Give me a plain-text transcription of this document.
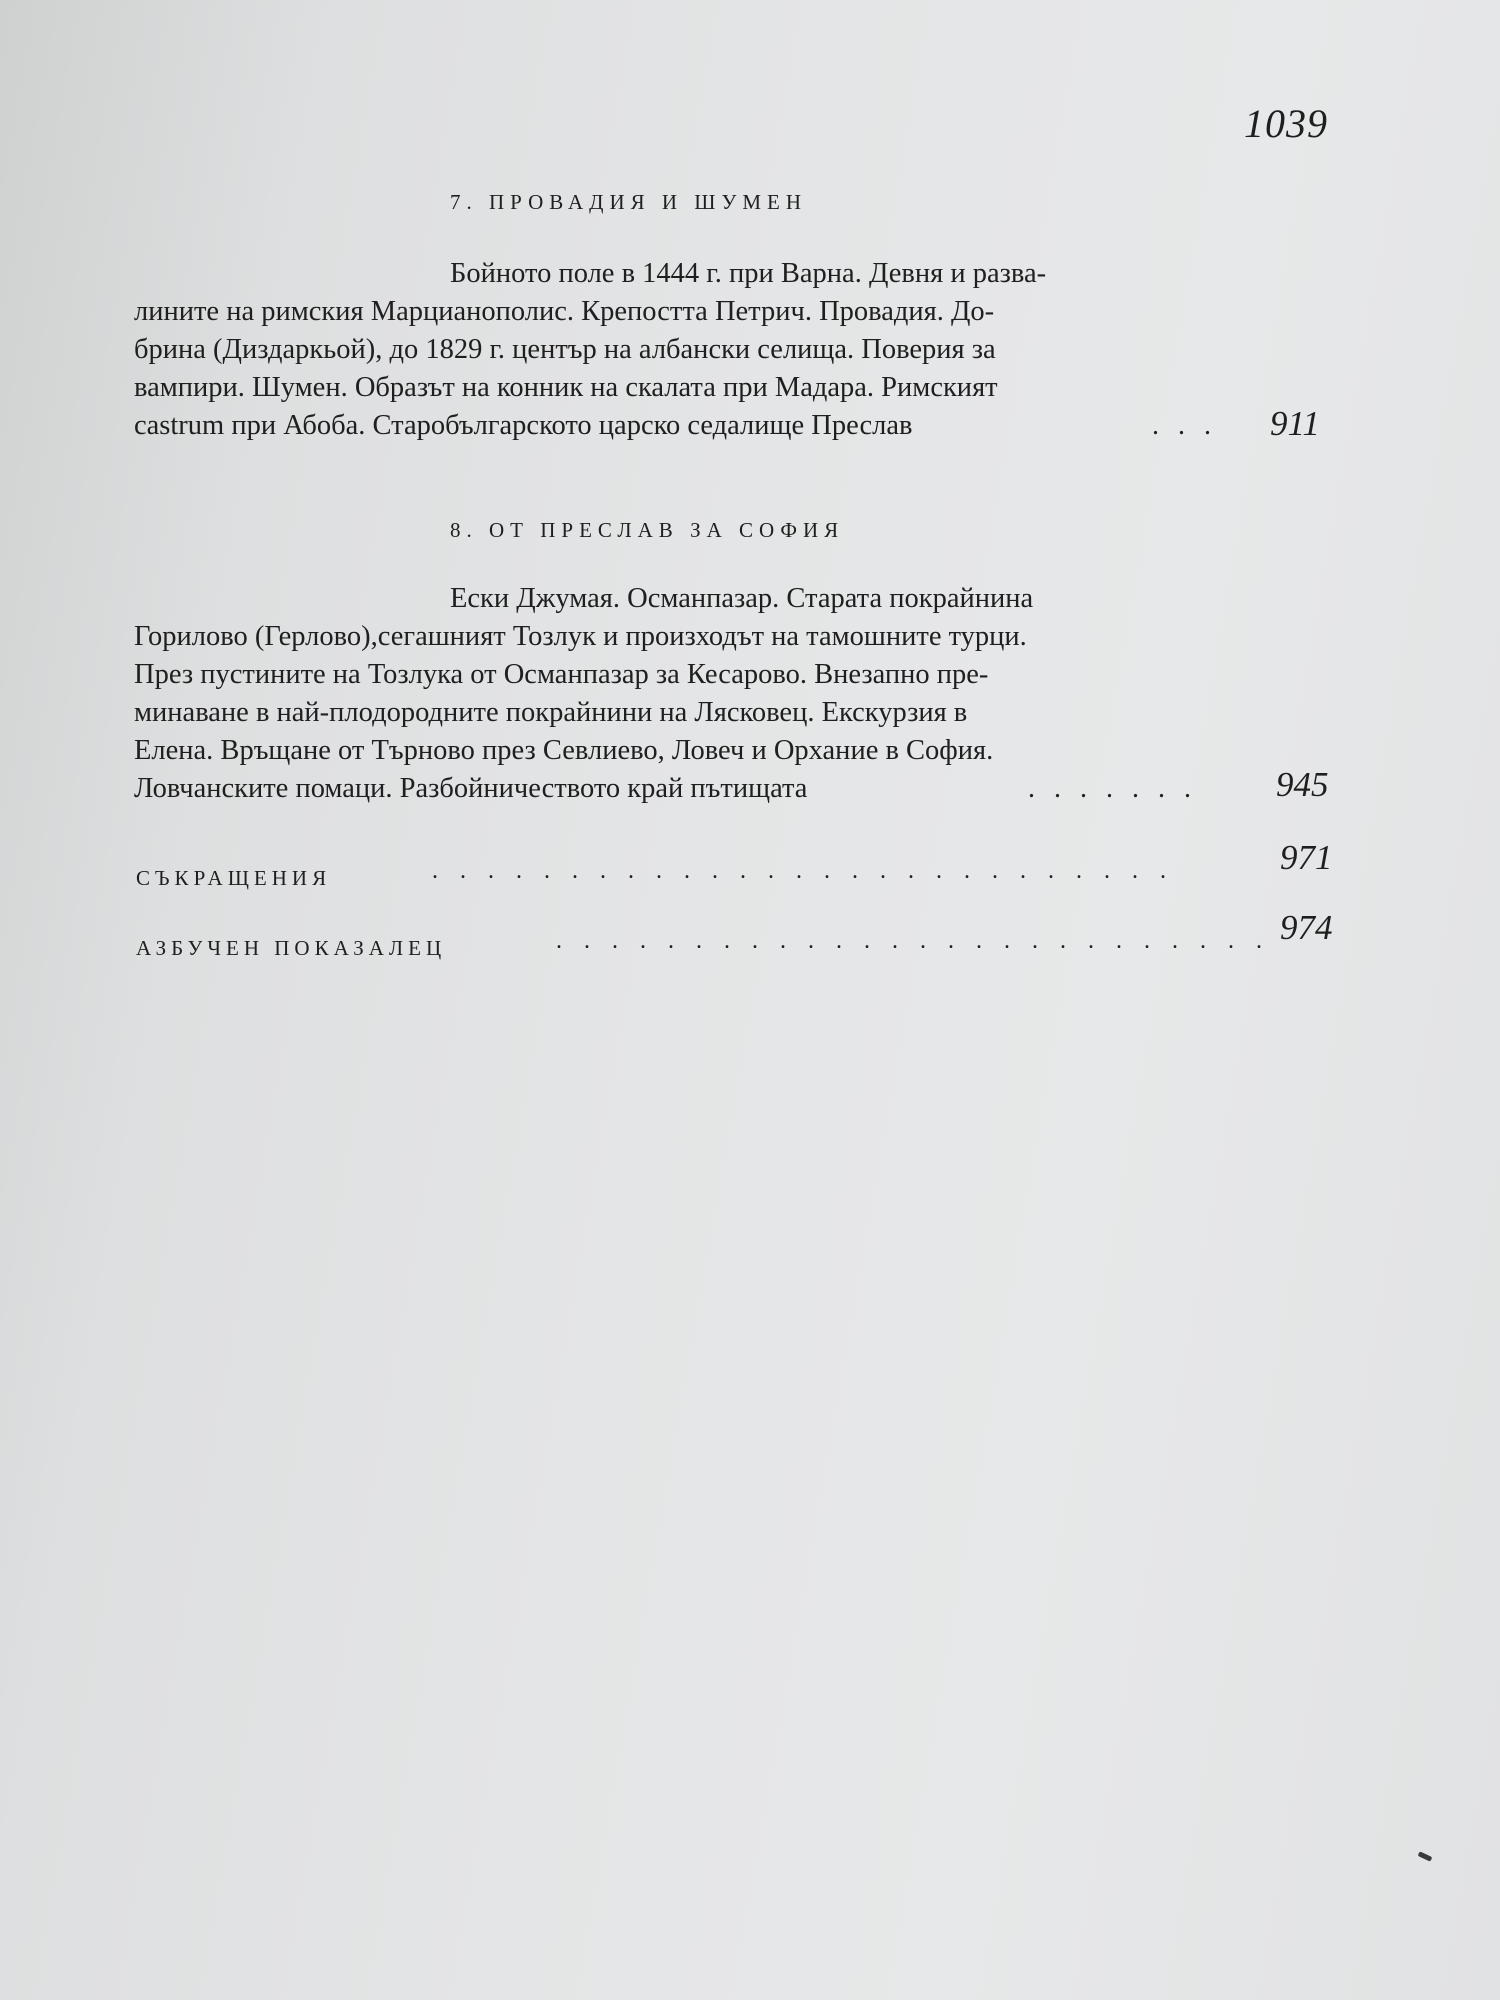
1039
7. ПРОВАДИЯ И ШУМЕН
Бойното поле в 1444 г. при Варна. Девня и разва-
лините на римския Марцианополис. Крепостта Петрич. Провадия. До-
брина (Диздаркьой), до 1829 г. център на албански селища. Поверия за
вампири. Шумен. Образът на конник на скалата при Мадара. Римският
castrum при Абоба. Старобългарското царско седалище Преслав	. . . 911
8. ОТ ПРЕСЛАВ ЗА СОФИЯ
Ески Джумая. Османпазар. Старата покрайнина
Горилово (Герлово),сегашният Тозлук и произходът на тамошните турци.
През пустините на Тозлука от Османпазар за Кесарово. Внезапно пре-
минаване в най-плодородните покрайнини на Лясковец. Екскурзия в
Елена. Връщане от Търново през Севлиево, Ловеч и Орхание в София.
Ловчанските помаци. Разбойничеството край пътищата	. . . . . . . 945
СЪКРАЩЕНИЯ	. . . . . . . . . . . . . . . . . . . . . . . . . . .	971
АЗБУЧЕН ПОКАЗАЛЕЦ	. . . . . . . . . . . . . . . . . . . . . . . . . . 974
